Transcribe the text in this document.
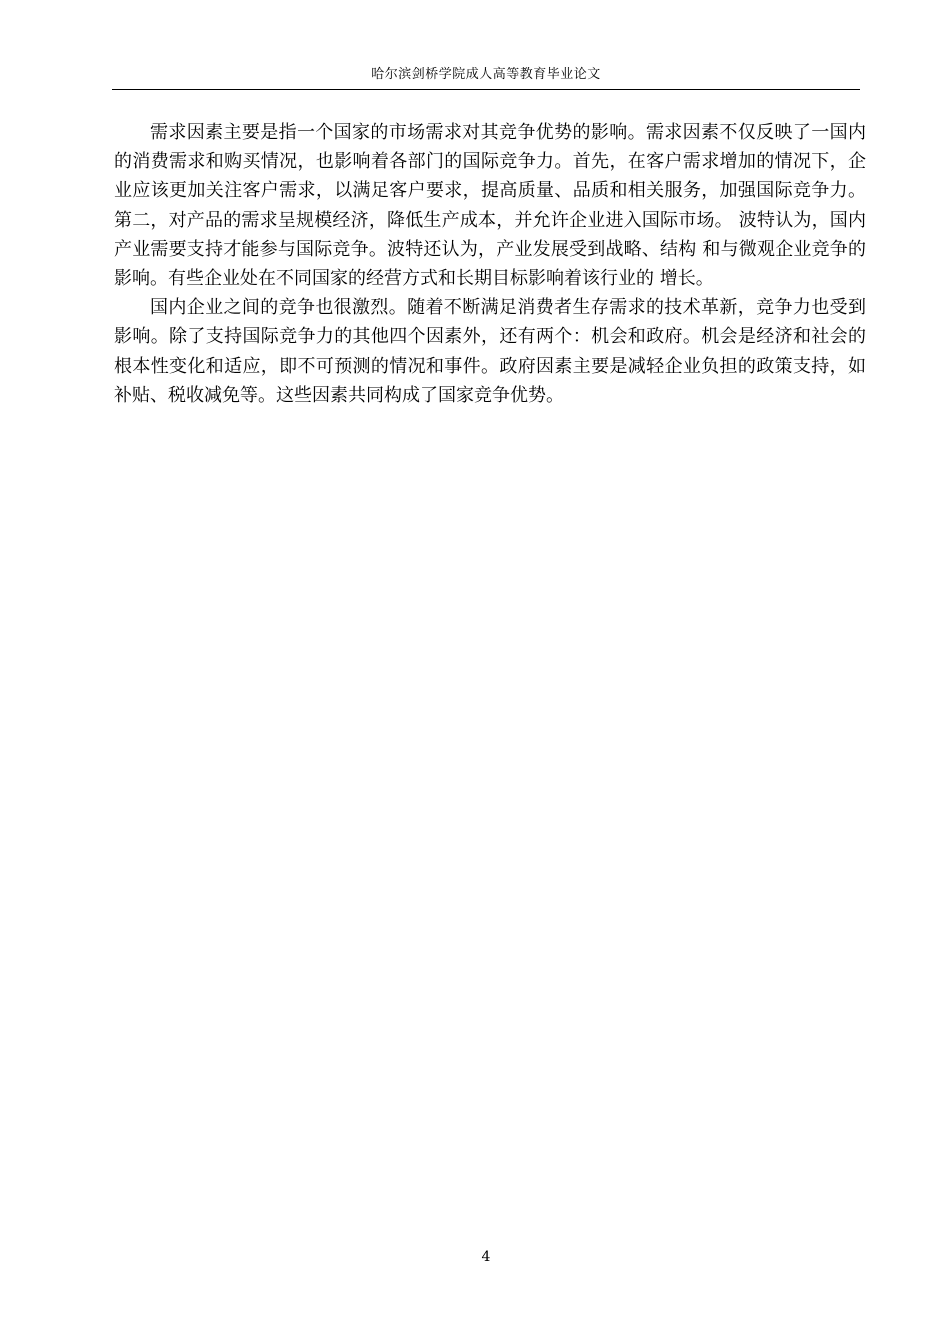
哈尔滨剑桥学院成人高等教育毕业论文

需求因素主要是指一个国家的市场需求对其竞争优势的影响。需求因素不仅反映了一国内的消费需求和购买情况，也影响着各部门的国际竞争力。首先，在客户需求增加的情况下，企业应该更加关注客户需求，以满足客户要求，提高质量、品质和相关服务，加强国际竞争力。第二，对产品的需求呈规模经济，降低生产成本，并允许企业进入国际市场。 波特认为，国内产业需要支持才能参与国际竞争。波特还认为，产业发展受到战略、结构 和与微观企业竞争的影响。有些企业处在不同国家的经营方式和长期目标影响着该行业的 增长。

国内企业之间的竞争也很激烈。随着不断满足消费者生存需求的技术革新，竞争力也受到影响。除了支持国际竞争力的其他四个因素外，还有两个：机会和政府。机会是经济和社会的根本性变化和适应，即不可预测的情况和事件。政府因素主要是减轻企业负担的政策支持，如补贴、税收减免等。这些因素共同构成了国家竞争优势。

4
